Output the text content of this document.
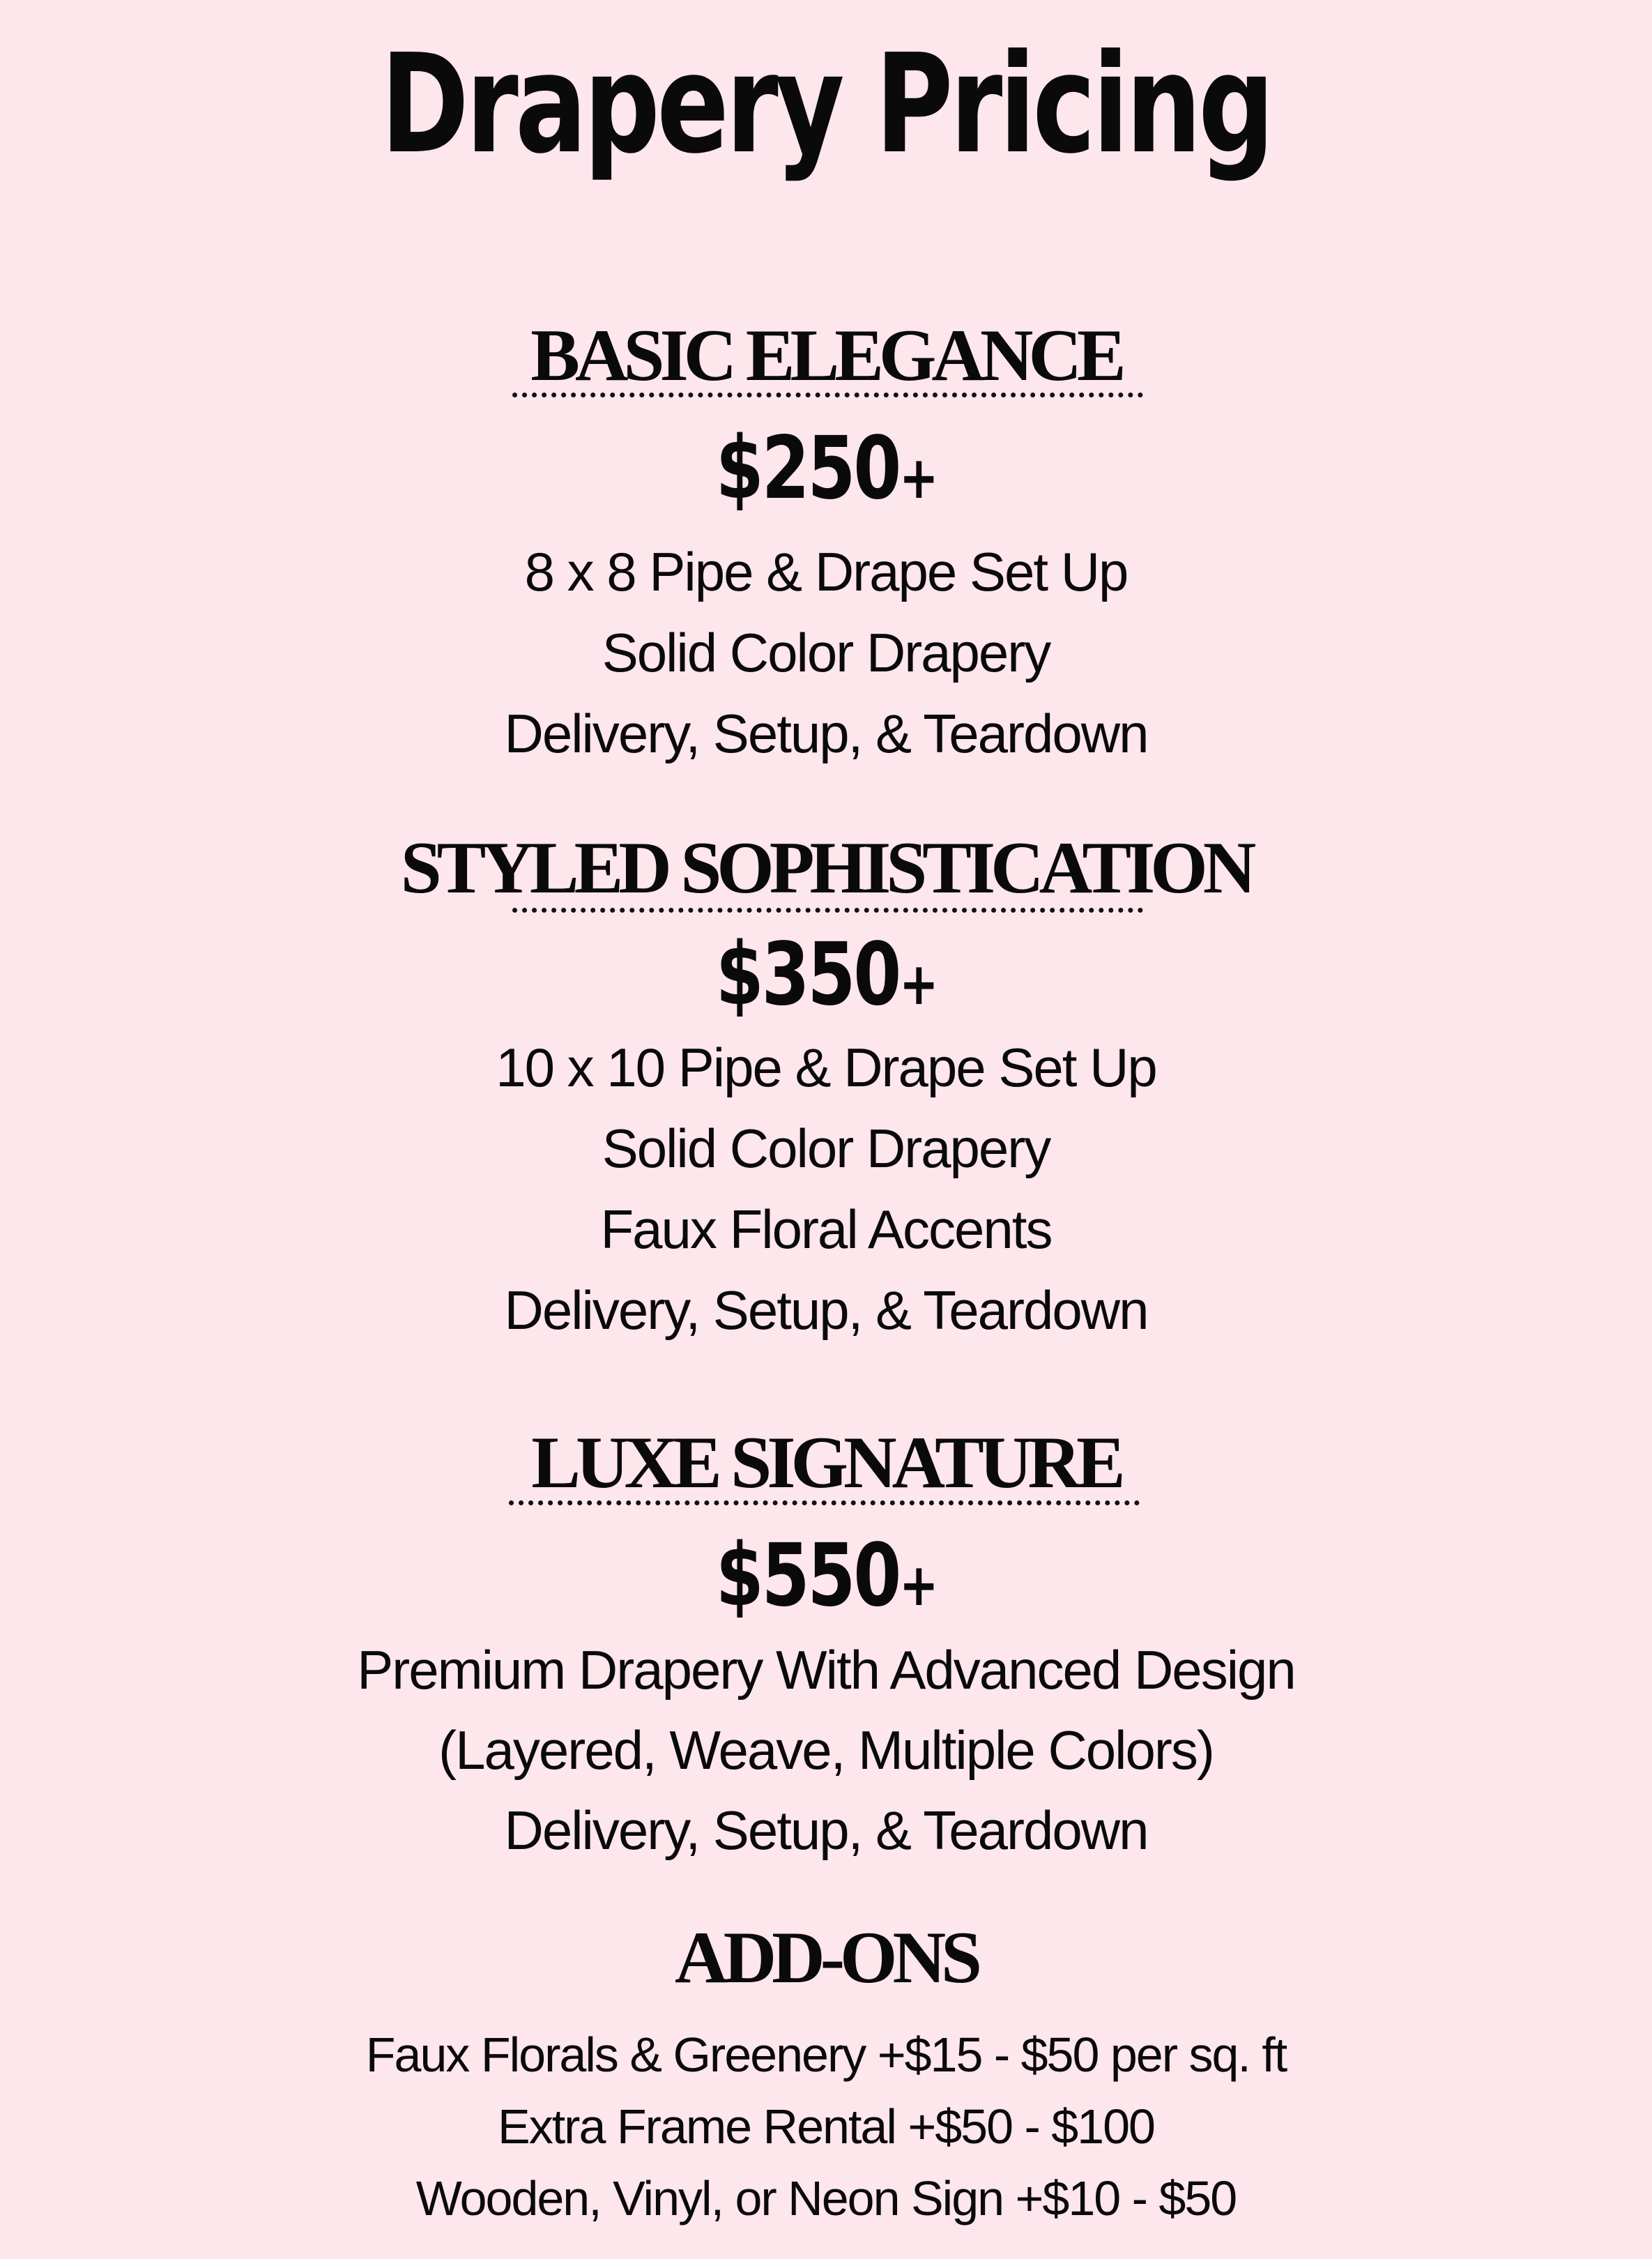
Drapery Pricing
BASIC ELEGANCE
$250+
8 x 8 Pipe & Drape Set Up
Solid Color Drapery
Delivery, Setup, & Teardown
STYLED SOPHISTICATION
$350+
10 x 10 Pipe & Drape Set Up
Solid Color Drapery
Faux Floral Accents
Delivery, Setup, & Teardown
LUXE SIGNATURE
$550+
Premium Drapery With Advanced Design
(Layered, Weave, Multiple Colors)
Delivery, Setup, & Teardown
ADD-ONS
Faux Florals & Greenery +$15 - $50 per sq. ft
Extra Frame Rental +$50 - $100
Wooden, Vinyl, or Neon Sign +$10 - $50
